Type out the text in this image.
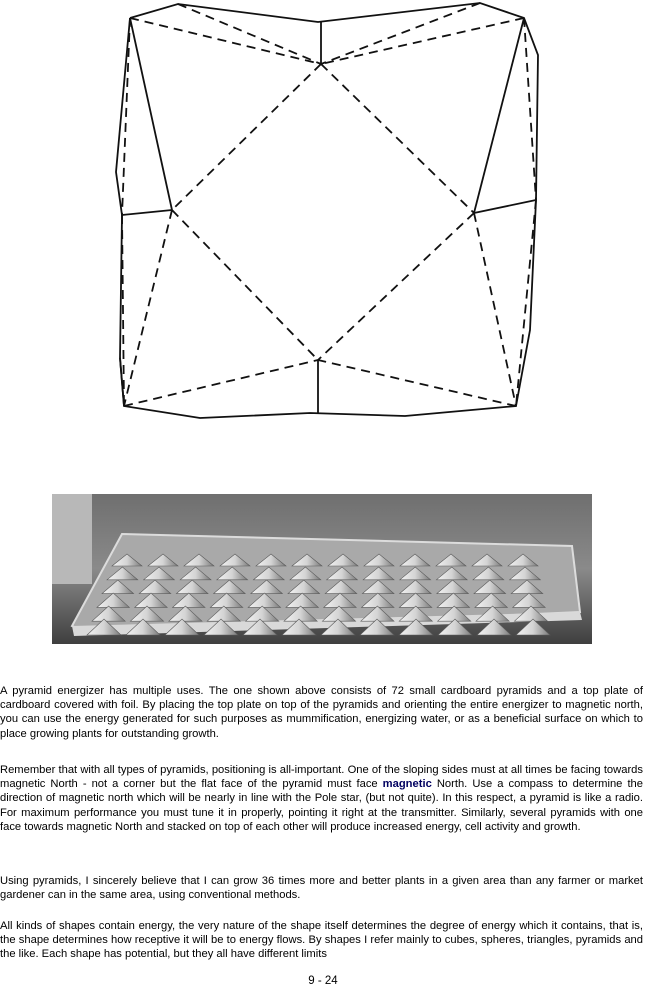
A pyramid energizer has multiple uses. The one shown above consists of 72 small cardboard pyramids and a top plate of cardboard covered with foil. By placing the top plate on top of the pyramids and orienting the entire energizer to magnetic north, you can use the energy generated for such purposes as mummification, energizing water, or as a beneficial surface on which to place growing plants for outstanding growth.

Remember that with all types of pyramids, positioning is all-important. One of the sloping sides must at all times be facing towards magnetic North - not a corner but the flat face of the pyramid must face magnetic North. Use a compass to determine the direction of magnetic north which will be nearly in line with the Pole star, (but not quite). In this respect, a pyramid is like a radio. For maximum performance you must tune it in properly, pointing it right at the transmitter. Similarly, several pyramids with one face towards magnetic North and stacked on top of each other will produce increased energy, cell activity and growth.

Using pyramids, I sincerely believe that I can grow 36 times more and better plants in a given area than any farmer or market gardener can in the same area, using conventional methods.

All kinds of shapes contain energy, the very nature of the shape itself determines the degree of energy which it contains, that is, the shape determines how receptive it will be to energy flows. By shapes I refer mainly to cubes, spheres, triangles, pyramids and the like. Each shape has potential, but they all have different limits

9 - 24
